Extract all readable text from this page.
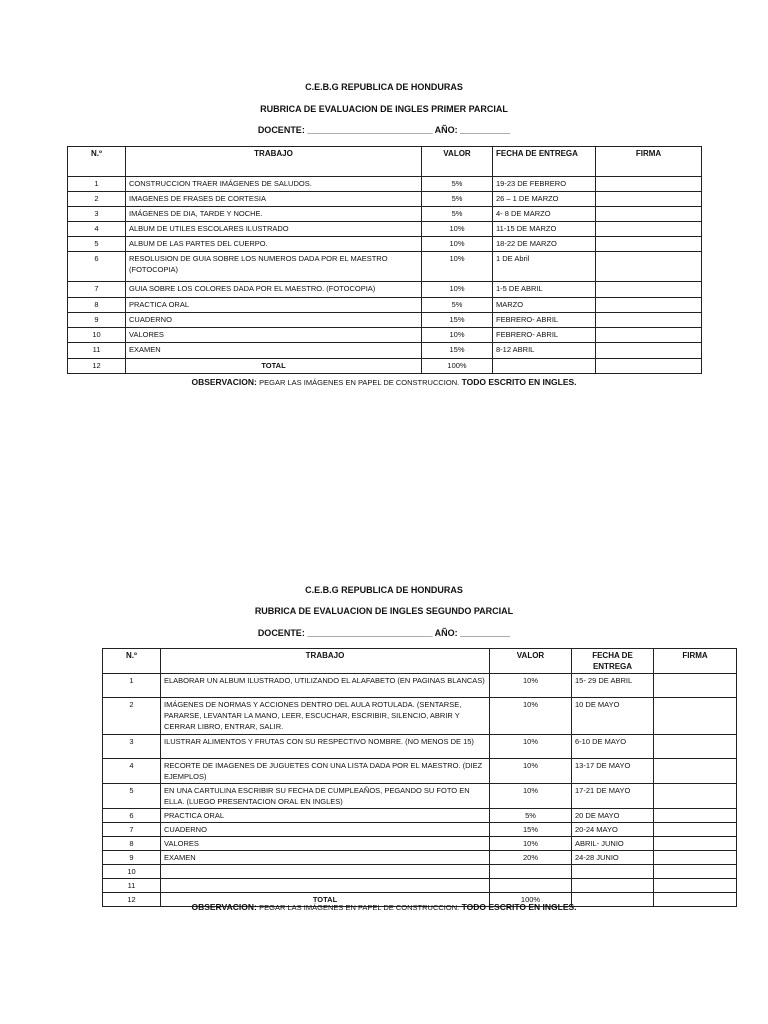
C.E.B.G REPUBLICA DE HONDURAS
RUBRICA DE EVALUACION DE INGLES PRIMER PARCIAL
DOCENTE: _________________________ AÑO: __________
N.º	TRABAJO	VALOR	FECHA DE ENTREGA	FIRMA
1	CONSTRUCCION TRAER IMÁGENES DE SALUDOS.	5%	19-23 DE FEBRERO	
2	IMAGENES DE FRASES DE CORTESIA	5%	26 – 1 DE MARZO	
3	IMÁGENES DE DIA, TARDE Y NOCHE.	5%	4- 8 DE MARZO	
4	ALBUM DE UTILES ESCOLARES ILUSTRADO	10%	11-15 DE MARZO	
5	ALBUM DE LAS PARTES DEL CUERPO.	10%	18-22 DE MARZO	
6	RESOLUSION DE GUIA SOBRE LOS NUMEROS DADA POR EL MAESTRO (FOTOCOPIA)	10%	1 DE Abril	
7	GUIA SOBRE LOS COLORES DADA POR EL MAESTRO. (FOTOCOPIA)	10%	1-5 DE ABRIL	
8	PRACTICA ORAL	5%	MARZO	
9	CUADERNO	15%	FEBRERO- ABRIL	
10	VALORES	10%	FEBRERO- ABRIL	
11	EXAMEN	15%	8-12 ABRIL	
12	TOTAL	100%		
OBSERVACION: PEGAR LAS IMÁGENES EN PAPEL DE CONSTRUCCION. TODO ESCRITO EN INGLES.
C.E.B.G REPUBLICA DE HONDURAS
RUBRICA DE EVALUACION DE INGLES SEGUNDO PARCIAL
DOCENTE: _________________________ AÑO: __________
N.º	TRABAJO	VALOR	FECHA DE ENTREGA	FIRMA
1	ELABORAR UN ALBUM ILUSTRADO, UTILIZANDO EL ALAFABETO (EN PAGINAS BLANCAS)	10%	15- 29 DE ABRIL	
2	IMÁGENES DE NORMAS Y ACCIONES DENTRO DEL AULA ROTULADA. (SENTARSE, PARARSE, LEVANTAR LA MANO, LEER, ESCUCHAR, ESCRIBIR, SILENCIO, ABRIR Y CERRAR LIBRO, ENTRAR, SALIR.	10%	10 DE MAYO	
3	ILUSTRAR ALIMENTOS Y FRUTAS CON SU RESPECTIVO NOMBRE. (NO MENOS DE 15)	10%	6-10 DE MAYO	
4	RECORTE DE IMAGENES DE JUGUETES CON UNA LISTA DADA POR EL MAESTRO. (DIEZ EJEMPLOS)	10%	13-17 DE MAYO	
5	EN UNA CARTULINA ESCRIBIR SU FECHA DE CUMPLEAÑOS, PEGANDO SU FOTO EN ELLA. (LUEGO PRESENTACION ORAL EN INGLES)	10%	17-21 DE MAYO	
6	PRACTICA ORAL	5%	20 DE MAYO	
7	CUADERNO	15%	20-24 MAYO	
8	VALORES	10%	ABRIL- JUNIO	
9	EXAMEN	20%	24-28 JUNIO	
10				
11				
12	TOTAL	100%		
OBSERVACION: PEGAR LAS IMÁGENES EN PAPEL DE CONSTRUCCION. TODO ESCRITO EN INGLES.
